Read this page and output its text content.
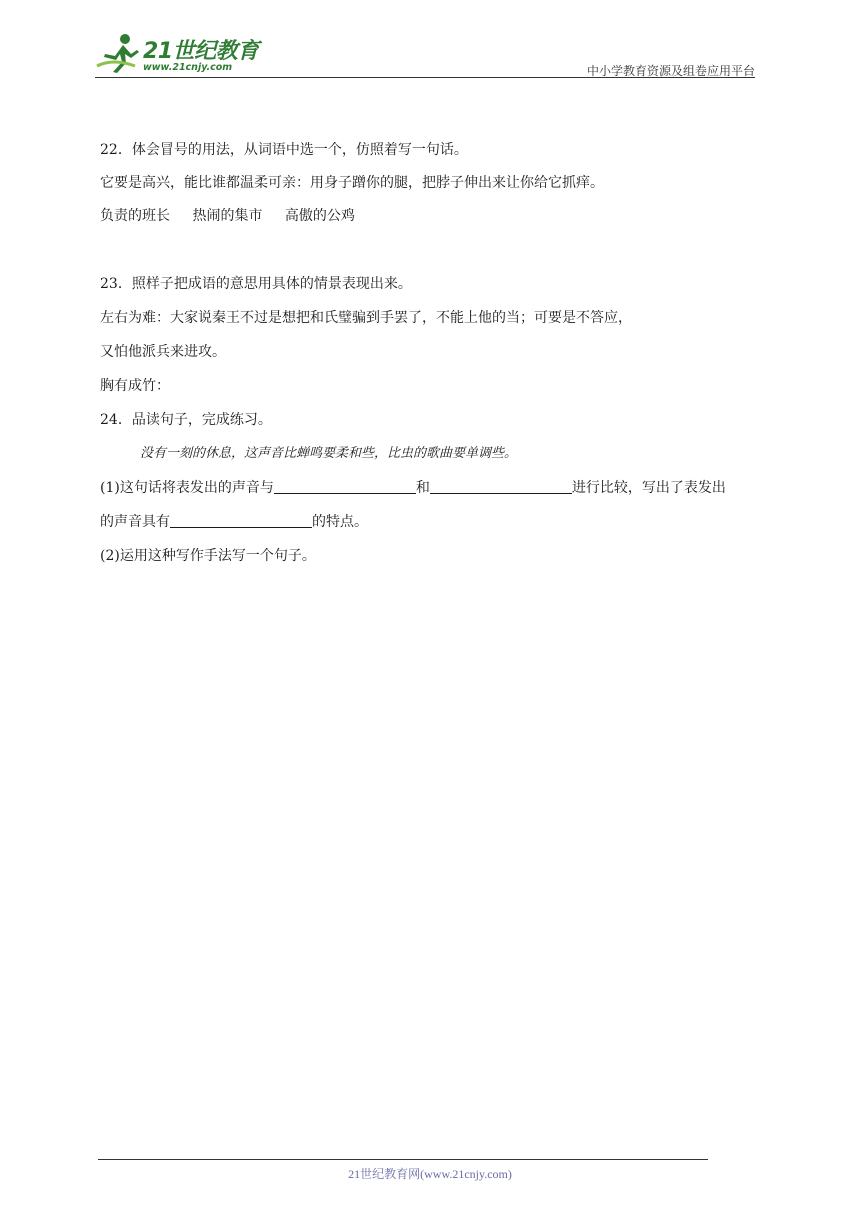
21世纪教育
www.21cnjy.com	中小学教育资源及组卷应用平台
22．体会冒号的用法，从词语中选一个，仿照着写一句话。
它要是高兴，能比谁都温柔可亲：用身子蹭你的腿，把脖子伸出来让你给它抓痒。
负责的班长 热闹的集市 高傲的公鸡
23．照样子把成语的意思用具体的情景表现出来。
左右为难：大家说秦王不过是想把和氏璧骗到手罢了，不能上他的当；可要是不答应，
又怕他派兵来进攻。
胸有成竹：
24．品读句子，完成练习。
没有一刻的休息，这声音比蝉鸣要柔和些，比虫的歌曲要单调些。
(1)这句话将表发出的声音与	和	进行比较，写出了表发出
的声音具有	的特点。
(2)运用这种写作手法写一个句子。
21世纪教育网(www.21cnjy.com)
